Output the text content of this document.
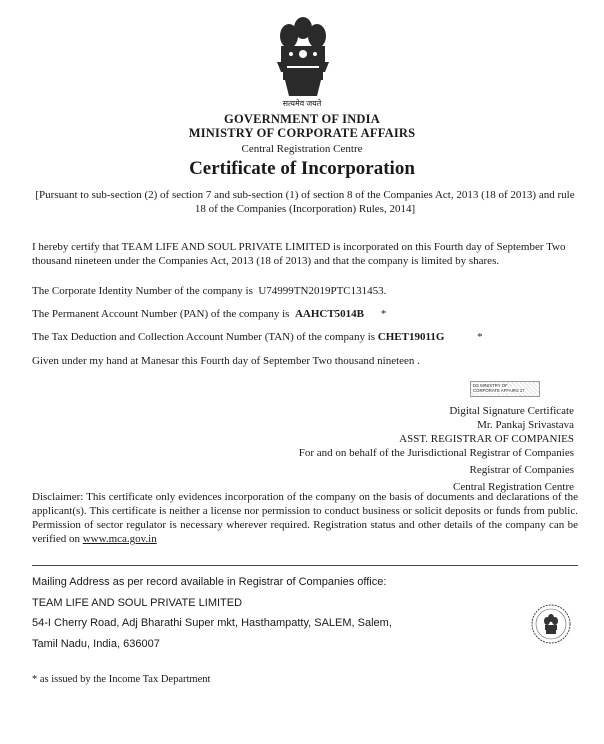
सत्यमेव जयते
GOVERNMENT OF INDIA
MINISTRY OF CORPORATE AFFAIRS
Central Registration Centre
Certificate of Incorporation
[Pursuant to sub-section (2) of section 7 and sub-section (1) of section 8 of the Companies Act, 2013 (18 of 2013) and rule 18 of the Companies (Incorporation) Rules, 2014]
I hereby certify that TEAM LIFE AND SOUL PRIVATE LIMITED is incorporated on this Fourth day of September Two thousand nineteen under the Companies Act, 2013 (18 of 2013) and that the company is limited by shares.
The Corporate Identity Number of the company is U74999TN2019PTC131453.
The Permanent Account Number (PAN) of the company is AAHCT5014B *
The Tax Deduction and Collection Account Number (TAN) of the company is CHET19011G	*
Given under my hand at Manesar this Fourth day of September Two thousand nineteen .
DS MINISTRY OF
CORPORATE AFFAIRS 27
Digital Signature Certificate
Mr. Pankaj Srivastava
ASST. REGISTRAR OF COMPANIES
For and on behalf of the Jurisdictional Registrar of Companies
Registrar of Companies
Central Registration Centre
Disclaimer: This certificate only evidences incorporation of the company on the basis of documents and declarations of the applicant(s). This certificate is neither a license nor permission to conduct business or solicit deposits or funds from public. Permission of sector regulator is necessary wherever required. Registration status and other details of the company can be verified on www.mca.gov.in
Mailing Address as per record available in Registrar of Companies office:
TEAM LIFE AND SOUL PRIVATE LIMITED
54-I Cherry Road, Adj Bharathi Super mkt, Hasthampatty, SALEM, Salem,
Tamil Nadu, India, 636007
* as issued by the Income Tax Department
